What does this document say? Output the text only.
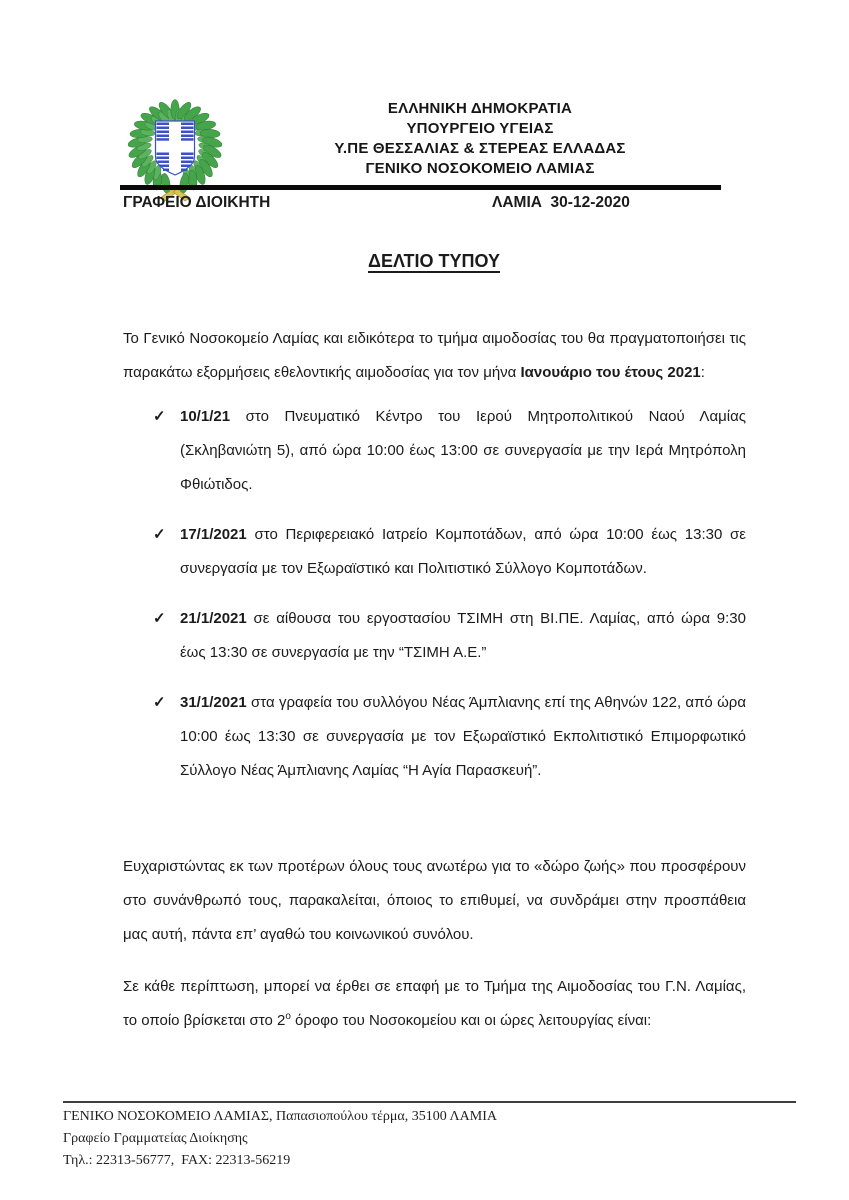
ΕΛΛΗΝΙΚΗ ΔΗΜΟΚΡΑΤΙΑ
ΥΠΟΥΡΓΕΙΟ ΥΓΕΙΑΣ
Υ.ΠΕ ΘΕΣΣΑΛΙΑΣ & ΣΤΕΡΕΑΣ ΕΛΛΑΔΑΣ
ΓΕΝΙΚΟ ΝΟΣΟΚΟΜΕΙΟ ΛΑΜΙΑΣ
ΓΡΑΦΕΙΟ ΔΙΟΙΚΗΤΗ	ΛΑΜΙΑ  30-12-2020
ΔΕΛΤΙΟ ΤΥΠΟΥ

Το Γενικό Νοσοκομείο Λαμίας και ειδικότερα το τμήμα αιμοδοσίας του θα πραγματοποιήσει τις παρακάτω εξορμήσεις εθελοντικής αιμοδοσίας για τον μήνα Ιανουάριο του έτους 2021:

✓ 10/1/21 στο Πνευματικό Κέντρο του Ιερού Μητροπολιτικού Ναού Λαμίας (Σκληβανιώτη 5), από ώρα 10:00 έως 13:00 σε συνεργασία με την Ιερά Μητρόπολη Φθιώτιδος.
✓ 17/1/2021 στο Περιφερειακό Ιατρείο Κομποτάδων, από ώρα 10:00 έως 13:30 σε συνεργασία με τον Εξωραϊστικό και Πολιτιστικό Σύλλογο Κομποτάδων.
✓ 21/1/2021 σε αίθουσα του εργοστασίου ΤΣΙΜΗ στη ΒΙ.ΠΕ. Λαμίας, από ώρα 9:30 έως 13:30 σε συνεργασία με την “ΤΣΙΜΗ Α.Ε.”
✓ 31/1/2021 στα γραφεία του συλλόγου Νέας Άμπλιανης επί της Αθηνών 122, από ώρα 10:00 έως 13:30 σε συνεργασία με τον Εξωραϊστικό Εκπολιτιστικό Επιμορφωτικό Σύλλογο Νέας Άμπλιανης Λαμίας “Η Αγία Παρασκευή”.

Ευχαριστώντας εκ των προτέρων όλους τους ανωτέρω για το «δώρο ζωής» που προσφέρουν στο συνάνθρωπό τους, παρακαλείται, όποιος το επιθυμεί, να συνδράμει στην προσπάθεια μας αυτή, πάντα επ’ αγαθώ του κοινωνικού συνόλου.

Σε κάθε περίπτωση, μπορεί να έρθει σε επαφή με το Τμήμα της Αιμοδοσίας του Γ.Ν. Λαμίας, το οποίο βρίσκεται στο $2^o$ όροφο του Νοσοκομείου και οι ώρες λειτουργίας είναι:

ΓΕΝΙΚΟ ΝΟΣΟΚΟΜΕΙΟ ΛΑΜΙΑΣ, Παπασιοπούλου τέρμα, 35100 ΛΑΜΙΑ
Γραφείο Γραμματείας Διοίκησης
Τηλ.: 22313-56777,  FAX: 22313-56219
